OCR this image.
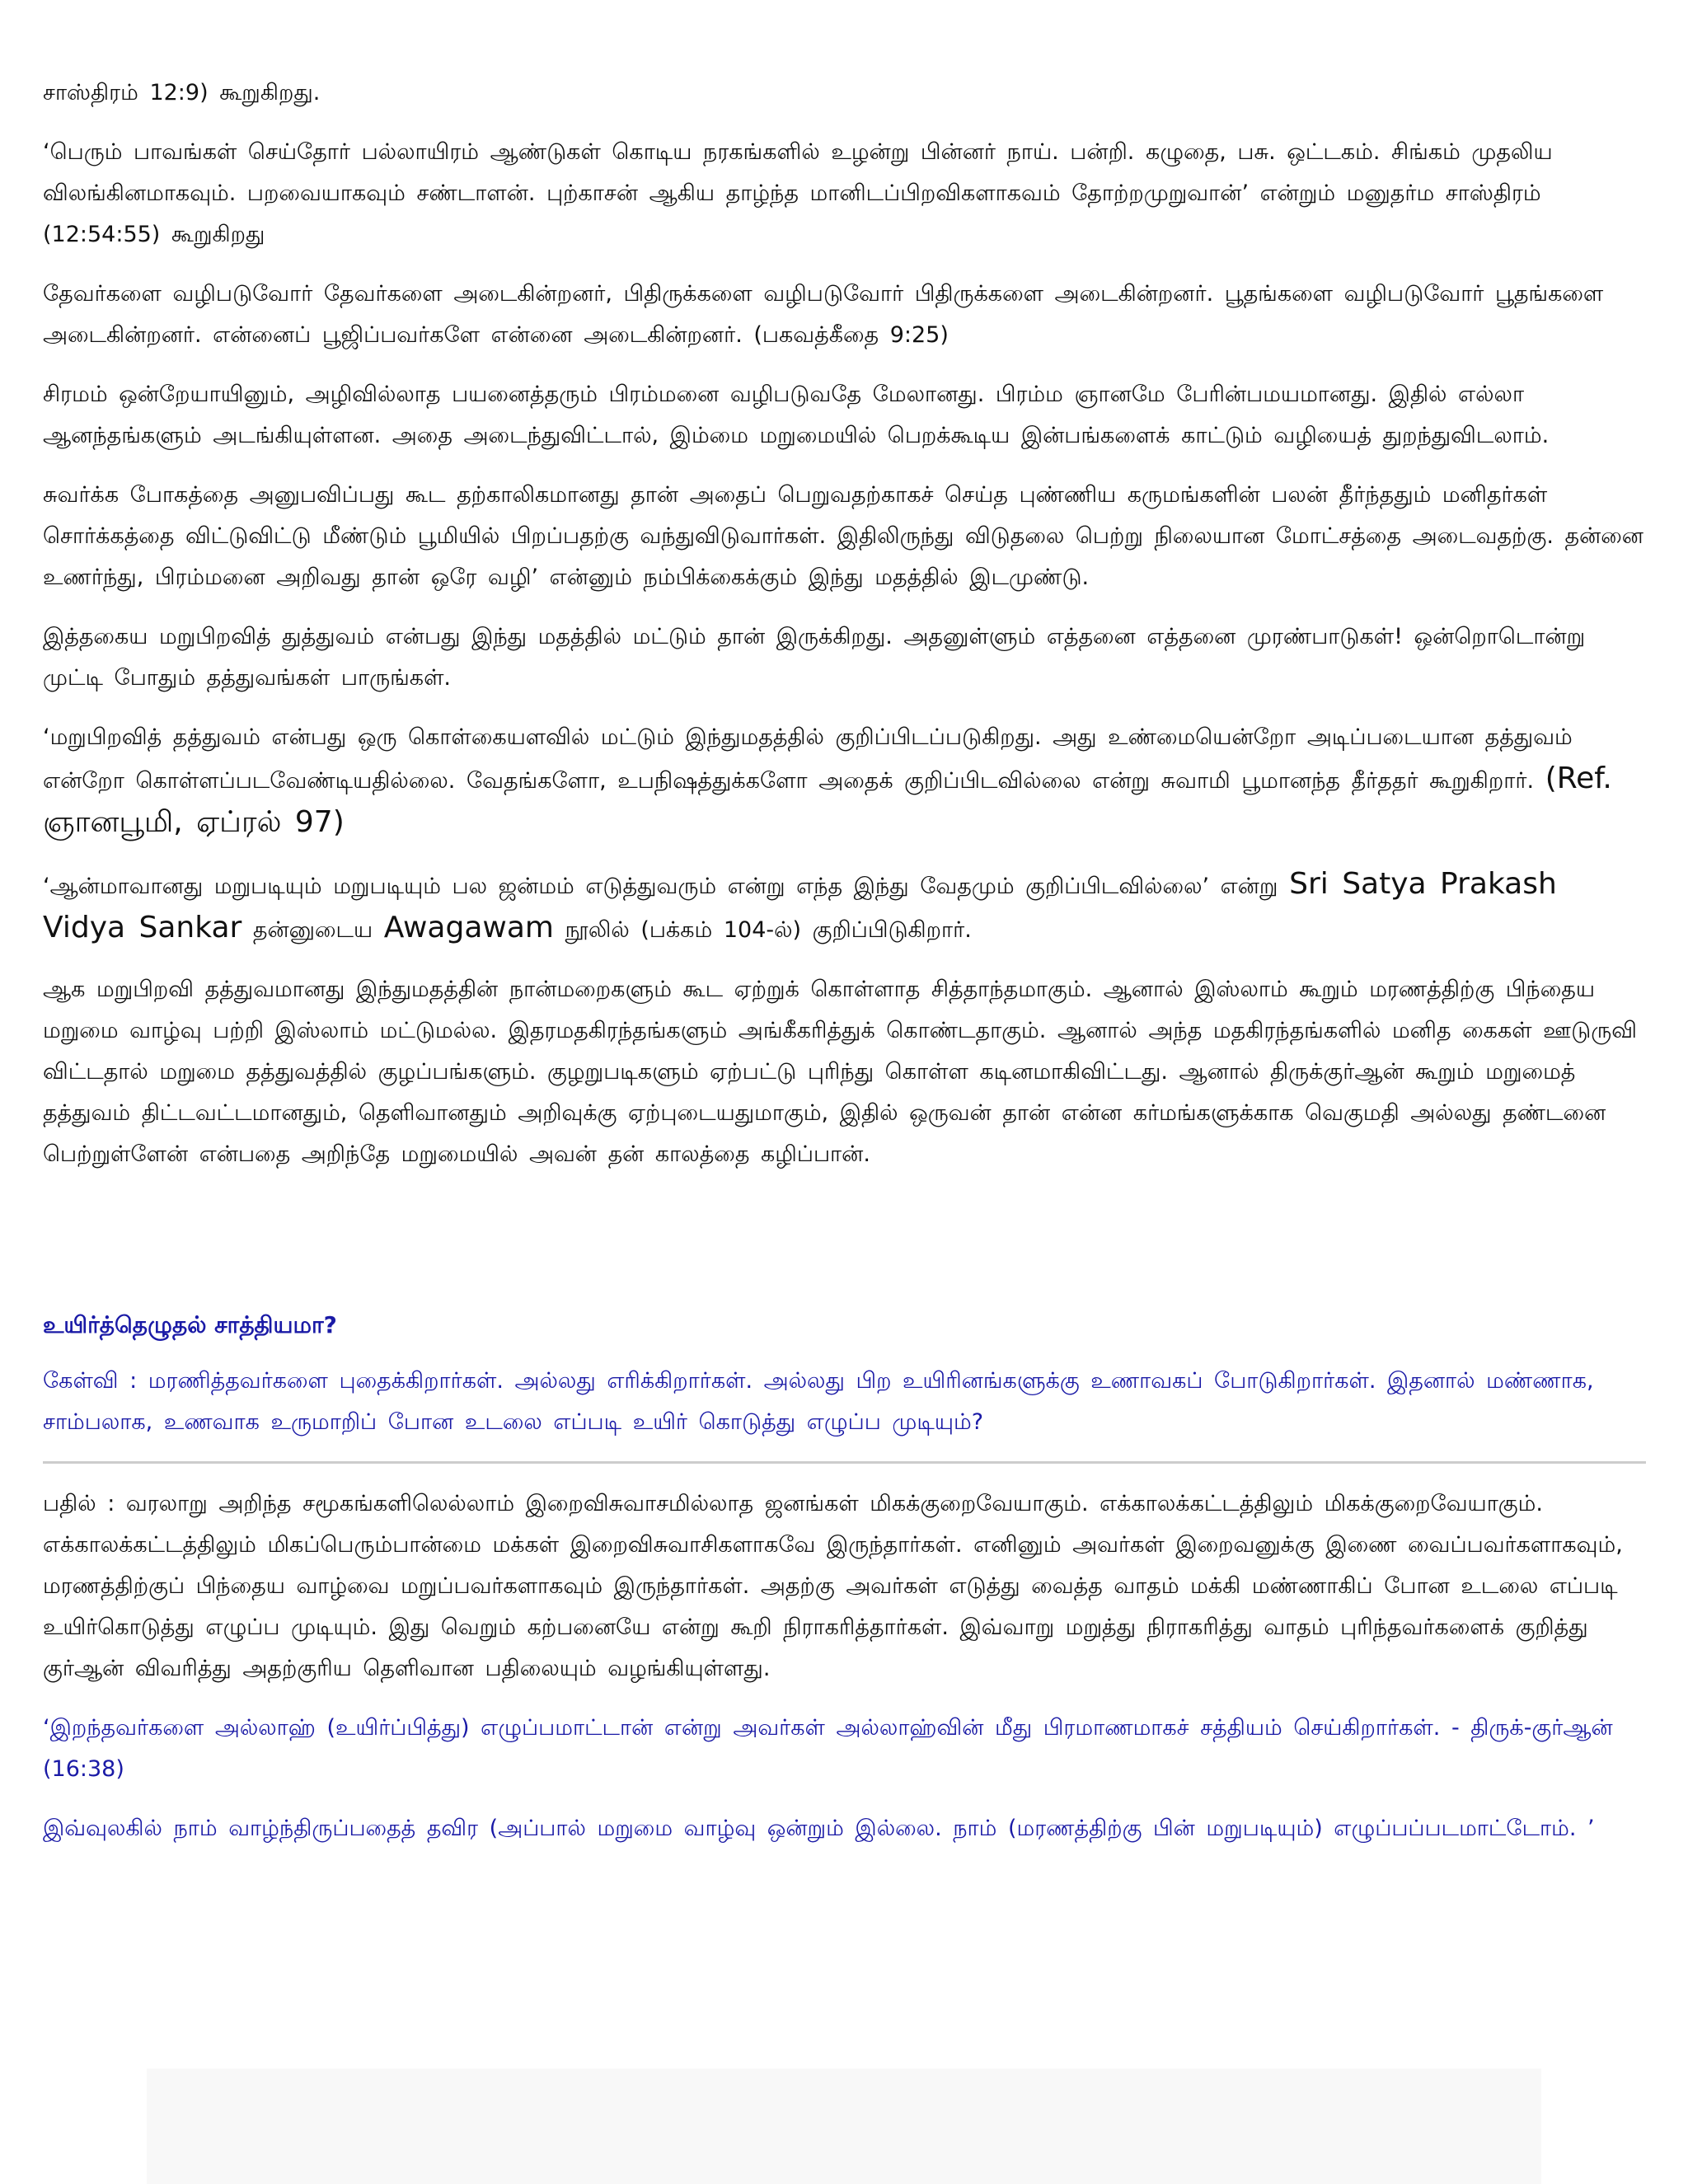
சாஸ்திரம் 12:9) கூறுகிறது.

‘பெரும் பாவங்கள் செய்தோர் பல்லாயிரம் ஆண்டுகள் கொடிய நரகங்களில் உழன்று பின்னர் நாய். பன்றி. கழுதை, பசு. ஒட்டகம். சிங்கம் முதலிய விலங்கினமாகவும். பறவையாகவும் சண்டாளன். புற்காசன் ஆகிய தாழ்ந்த மானிடப்பிறவிகளாகவம் தோற்றமுறுவான்’ என்றும் மனுதர்ம சாஸ்திரம் (12:54:55) கூறுகிறது

தேவர்களை வழிபடுவோர் தேவர்களை அடைகின்றனர், பிதிருக்களை வழிபடுவோர் பிதிருக்களை அடைகின்றனர். பூதங்களை வழிபடுவோர் பூதங்களை அடைகின்றனர். என்னைப் பூஜிப்பவர்களே என்னை அடைகின்றனர். (பகவத்கீதை 9:25)

சிரமம் ஒன்றேயாயினும், அழிவில்லாத பயனைத்தரும் பிரம்மனை வழிபடுவதே மேலானது. பிரம்ம ஞானமே பேரின்பமயமானது. இதில் எல்லா ஆனந்தங்களும் அடங்கியுள்ளன. அதை அடைந்துவிட்டால், இம்மை மறுமையில் பெறக்கூடிய இன்பங்களைக் காட்டும் வழியைத் துறந்துவிடலாம்.

சுவர்க்க போகத்தை அனுபவிப்பது கூட தற்காலிகமானது தான் அதைப் பெறுவதற்காகச் செய்த புண்ணிய கருமங்களின் பலன் தீர்ந்ததும் மனிதர்கள் சொர்க்கத்தை விட்டுவிட்டு மீண்டும் பூமியில் பிறப்பதற்கு வந்துவிடுவார்கள். இதிலிருந்து விடுதலை பெற்று நிலையான மோட்சத்தை அடைவதற்கு. தன்னை உணர்ந்து, பிரம்மனை அறிவது தான் ஒரே வழி’ என்னும் நம்பிக்கைக்கும் இந்து மதத்தில் இடமுண்டு.

இத்தகைய மறுபிறவித் துத்துவம் என்பது இந்து மதத்தில் மட்டும் தான் இருக்கிறது. அதனுள்ளும் எத்தனை எத்தனை முரண்பாடுகள்! ஒன்றொடொன்று முட்டி போதும் தத்துவங்கள் பாருங்கள்.

‘மறுபிறவித் தத்துவம் என்பது ஒரு கொள்கையளவில் மட்டும் இந்துமதத்தில் குறிப்பிடப்படுகிறது. அது உண்மையென்றோ அடிப்படையான தத்துவம் என்றோ கொள்ளப்படவேண்டியதில்லை. வேதங்களோ, உபநிஷத்துக்களோ அதைக் குறிப்பிடவில்லை என்று சுவாமி பூமானந்த தீர்ததர் கூறுகிறார். (Ref. ஞானபூமி, ஏப்ரல் 97)

‘ஆன்மாவானது மறுபடியும் மறுபடியும் பல ஜன்மம் எடுத்துவரும் என்று எந்த இந்து வேதமும் குறிப்பிடவில்லை’ என்று Sri Satya Prakash Vidya Sankar தன்னுடைய Awagawam நூலில் (பக்கம் 104-ல்) குறிப்பிடுகிறார்.

ஆக மறுபிறவி தத்துவமானது இந்துமதத்தின் நான்மறைகளும் கூட ஏற்றுக் கொள்ளாத சித்தாந்தமாகும். ஆனால் இஸ்லாம் கூறும் மரணத்திற்கு பிந்தைய மறுமை வாழ்வு பற்றி இஸ்லாம் மட்டுமல்ல. இதரமதகிரந்தங்களும் அங்கீகரித்துக் கொண்டதாகும். ஆனால் அந்த மதகிரந்தங்களில் மனித கைகள் ஊடுருவி விட்டதால் மறுமை தத்துவத்தில் குழப்பங்களும். குழறுபடிகளும் ஏற்பட்டு புரிந்து கொள்ள கடினமாகிவிட்டது. ஆனால் திருக்குர்ஆன் கூறும் மறுமைத் தத்துவம் திட்டவட்டமானதும், தெளிவானதும் அறிவுக்கு ஏற்புடையதுமாகும், இதில் ஒருவன் தான் என்ன கர்மங்களுக்காக வெகுமதி அல்லது தண்டனை பெற்றுள்ளேன் என்பதை அறிந்தே மறுமையில் அவன் தன் காலத்தை கழிப்பான்.

உயிர்த்தெழுதல் சாத்தியமா?

கேள்வி : மரணித்தவர்களை புதைக்கிறார்கள். அல்லது எரிக்கிறார்கள். அல்லது பிற உயிரினங்களுக்கு உணாவகப் போடுகிறார்கள். இதனால் மண்ணாக, சாம்பலாக, உணவாக உருமாறிப் போன உடலை எப்படி உயிர் கொடுத்து எழுப்ப முடியும்?

பதில் : வரலாறு அறிந்த சமூகங்களிலெல்லாம் இறைவிசுவாசமில்லாத ஜனங்கள் மிகக்குறைவேயாகும். எக்காலக்கட்டத்திலும் மிகக்குறைவேயாகும். எக்காலக்கட்டத்திலும் மிகப்பெரும்பான்மை மக்கள் இறைவிசுவாசிகளாகவே இருந்தார்கள். எனினும் அவர்கள் இறைவனுக்கு இணை வைப்பவர்களாகவும், மரணத்திற்குப் பிந்தைய வாழ்வை மறுப்பவர்களாகவும் இருந்தார்கள். அதற்கு அவர்கள் எடுத்து வைத்த வாதம் மக்கி மண்ணாகிப் போன உடலை எப்படி உயிர்கொடுத்து எழுப்ப முடியும். இது வெறும் கற்பனையே என்று கூறி நிராகரித்தார்கள். இவ்வாறு மறுத்து நிராகரித்து வாதம் புரிந்தவர்களைக் குறித்து குர்ஆன் விவரித்து அதற்குரிய தெளிவான பதிலையும் வழங்கியுள்ளது.

‘இறந்தவர்களை அல்லாஹ் (உயிர்ப்பித்து) எழுப்பமாட்டான் என்று அவர்கள் அல்லாஹ்வின் மீது பிரமாணமாகச் சத்தியம் செய்கிறார்கள். - திருக்-குர்ஆன் (16:38)

இவ்வுலகில் நாம் வாழ்ந்திருப்பதைத் தவிர (அப்பால் மறுமை வாழ்வு ஒன்றும் இல்லை. நாம் (மரணத்திற்கு பின் மறுபடியும்) எழுப்பப்படமாட்டோம். ’
